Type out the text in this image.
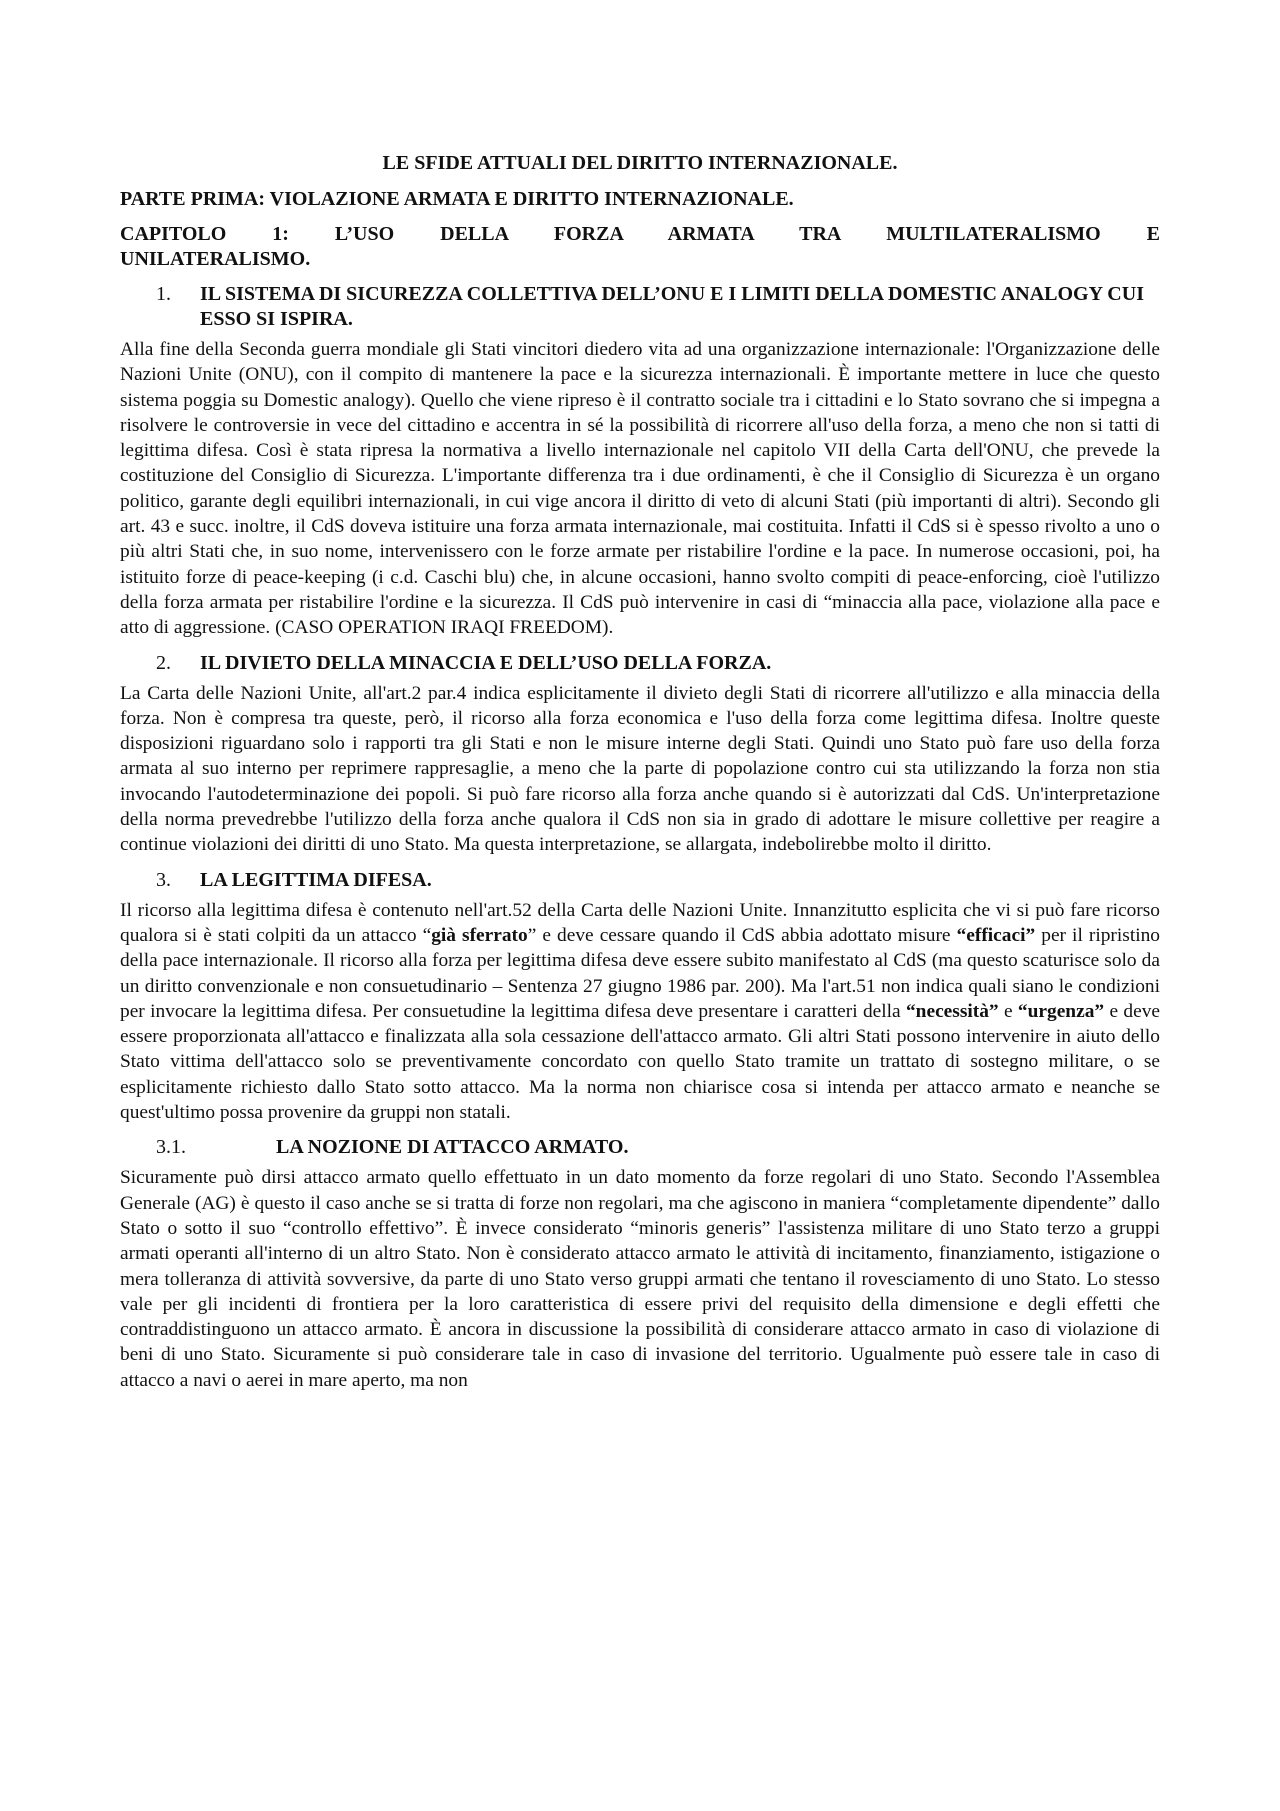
LE SFIDE ATTUALI DEL DIRITTO INTERNAZIONALE.

PARTE PRIMA: VIOLAZIONE ARMATA E DIRITTO INTERNAZIONALE.

CAPITOLO 1: L’USO DELLA FORZA ARMATA TRA MULTILATERALISMO E
UNILATERALISMO.

1.	IL SISTEMA DI SICUREZZA COLLETTIVA DELL’ONU E I LIMITI DELLA DOMESTIC ANALOGY CUI ESSO SI ISPIRA.

Alla fine della Seconda guerra mondiale gli Stati vincitori diedero vita ad una organizzazione internazionale: l'Organizzazione delle Nazioni Unite (ONU), con il compito di mantenere la pace e la sicurezza internazionali. È importante mettere in luce che questo sistema poggia su Domestic analogy). Quello che viene ripreso è il contratto sociale tra i cittadini e lo Stato sovrano che si impegna a risolvere le controversie in vece del cittadino e accentra in sé la possibilità di ricorrere all'uso della forza, a meno che non si tatti di legittima difesa. Così è stata ripresa la normativa a livello internazionale nel capitolo VII della Carta dell'ONU, che prevede la costituzione del Consiglio di Sicurezza. L'importante differenza tra i due ordinamenti, è che il Consiglio di Sicurezza è un organo politico, garante degli equilibri internazionali, in cui vige ancora il diritto di veto di alcuni Stati (più importanti di altri). Secondo gli art. 43 e succ. inoltre, il CdS doveva istituire una forza armata internazionale, mai costituita. Infatti il CdS si è spesso rivolto a uno o più altri Stati che, in suo nome, intervenissero con le forze armate per ristabilire l'ordine e la pace. In numerose occasioni, poi, ha istituito forze di peace-keeping (i c.d. Caschi blu) che, in alcune occasioni, hanno svolto compiti di peace-enforcing, cioè l'utilizzo della forza armata per ristabilire l'ordine e la sicurezza. Il CdS può intervenire in casi di “minaccia alla pace, violazione alla pace e atto di aggressione. (CASO OPERATION IRAQI FREEDOM).

2.	IL DIVIETO DELLA MINACCIA E DELL’USO DELLA FORZA.

La Carta delle Nazioni Unite, all'art.2 par.4 indica esplicitamente il divieto degli Stati di ricorrere all'utilizzo e alla minaccia della forza. Non è compresa tra queste, però, il ricorso alla forza economica e l'uso della forza come legittima difesa. Inoltre queste disposizioni riguardano solo i rapporti tra gli Stati e non le misure interne degli Stati. Quindi uno Stato può fare uso della forza armata al suo interno per reprimere rappresaglie, a meno che la parte di popolazione contro cui sta utilizzando la forza non stia invocando l'autodeterminazione dei popoli. Si può fare ricorso alla forza anche quando si è autorizzati dal CdS. Un'interpretazione della norma prevedrebbe l'utilizzo della forza anche qualora il CdS non sia in grado di adottare le misure collettive per reagire a continue violazioni dei diritti di uno Stato. Ma questa interpretazione, se allargata, indebolirebbe molto il diritto.

3.	LA LEGITTIMA DIFESA.

Il ricorso alla legittima difesa è contenuto nell'art.52 della Carta delle Nazioni Unite. Innanzitutto esplicita che vi si può fare ricorso qualora si è stati colpiti da un attacco “già sferrato” e deve cessare quando il CdS abbia adottato misure “efficaci” per il ripristino della pace internazionale. Il ricorso alla forza per legittima difesa deve essere subito manifestato al CdS (ma questo scaturisce solo da un diritto convenzionale e non consuetudinario – Sentenza 27 giugno 1986 par. 200). Ma l'art.51 non indica quali siano le condizioni per invocare la legittima difesa. Per consuetudine la legittima difesa deve presentare i caratteri della “necessità” e “urgenza” e deve essere proporzionata all'attacco e finalizzata alla sola cessazione dell'attacco armato. Gli altri Stati possono intervenire in aiuto dello Stato vittima dell'attacco solo se preventivamente concordato con quello Stato tramite un trattato di sostegno militare, o se esplicitamente richiesto dallo Stato sotto attacco. Ma la norma non chiarisce cosa si intenda per attacco armato e neanche se quest'ultimo possa provenire da gruppi non statali.

3.1.	LA NOZIONE DI ATTACCO ARMATO.

Sicuramente può dirsi attacco armato quello effettuato in un dato momento da forze regolari di uno Stato. Secondo l'Assemblea Generale (AG) è questo il caso anche se si tratta di forze non regolari, ma che agiscono in maniera “completamente dipendente” dallo Stato o sotto il suo “controllo effettivo”. È invece considerato “minoris generis” l'assistenza militare di uno Stato terzo a gruppi armati operanti all'interno di un altro Stato. Non è considerato attacco armato le attività di incitamento, finanziamento, istigazione o mera tolleranza di attività sovversive, da parte di uno Stato verso gruppi armati che tentano il rovesciamento di uno Stato. Lo stesso vale per gli incidenti di frontiera per la loro caratteristica di essere privi del requisito della dimensione e degli effetti che contraddistinguono un attacco armato. È ancora in discussione la possibilità di considerare attacco armato in caso di violazione di beni di uno Stato. Sicuramente si può considerare tale in caso di invasione del territorio. Ugualmente può essere tale in caso di attacco a navi o aerei in mare aperto, ma non
